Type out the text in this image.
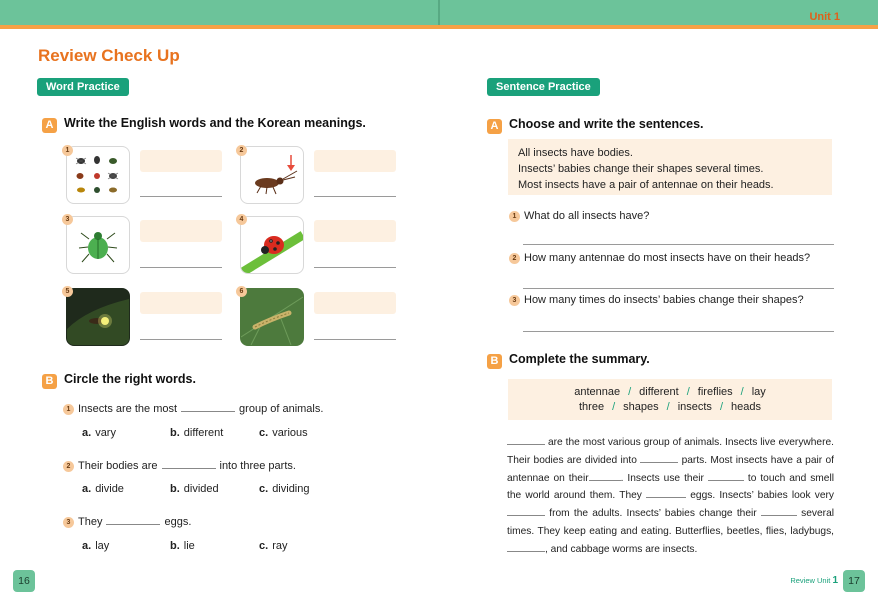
Unit 1
Review Check Up
Word Practice
A Write the English words and the Korean meanings.
1	2
3	4
5	6
B Circle the right words.
1 Insects are the most	group of animals.
a. vary	b. different	c. various
2 Their bodies are	into three parts.
a. divide	b. divided	c. dividing
3 They	eggs.
a. lay	b. lie	c. ray
Sentence Practice
A Choose and write the sentences.
All insects have bodies.
Insects’ babies change their shapes several times.
Most insects have a pair of antennae on their heads.
1 What do all insects have?
2 How many antennae do most insects have on their heads?
3 How many times do insects’ babies change their shapes?
B Complete the summary.
antennae / different / fireflies / lay
three / shapes / insects / heads
are the most various group of animals. Insects live everywhere. Their bodies are divided into	parts. Most insects have a pair of antennae on their	. Insects use their	to touch and smell the world around them. They	eggs. Insects’ babies look very  from the adults. Insects’ babies change their	several times. They keep eating and eating. Butterflies, beetles, flies, ladybugs, , and cabbage worms are insects.
16	Review Unit 1 17
